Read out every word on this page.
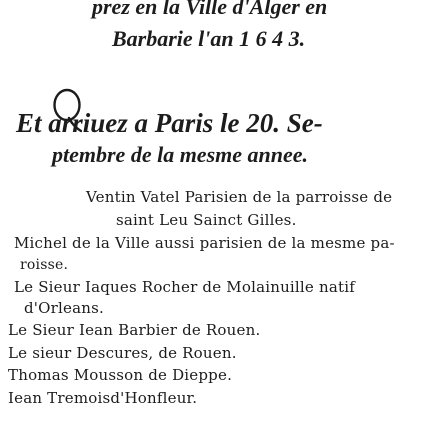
prez en la Ville d'Alger en
Barbarie l'an 1 6 4 3.
Et arriuez a Paris le 20. Se-
ptembre de la mesme annee.
Ventin Vatel Parisien de la parroisse de
saint Leu Sainct Gilles.
Michel de la Ville aussi parisien de la mesme pa-
roisse.
Le Sieur Iaques Rocher de Molainuille natif
d'Orleans.
Le Sieur Iean Barbier de Rouen.
Le sieur Descures, de Rouen.
Thomas Mousson de Dieppe.
Iean Tremoisd'Honfleur.
